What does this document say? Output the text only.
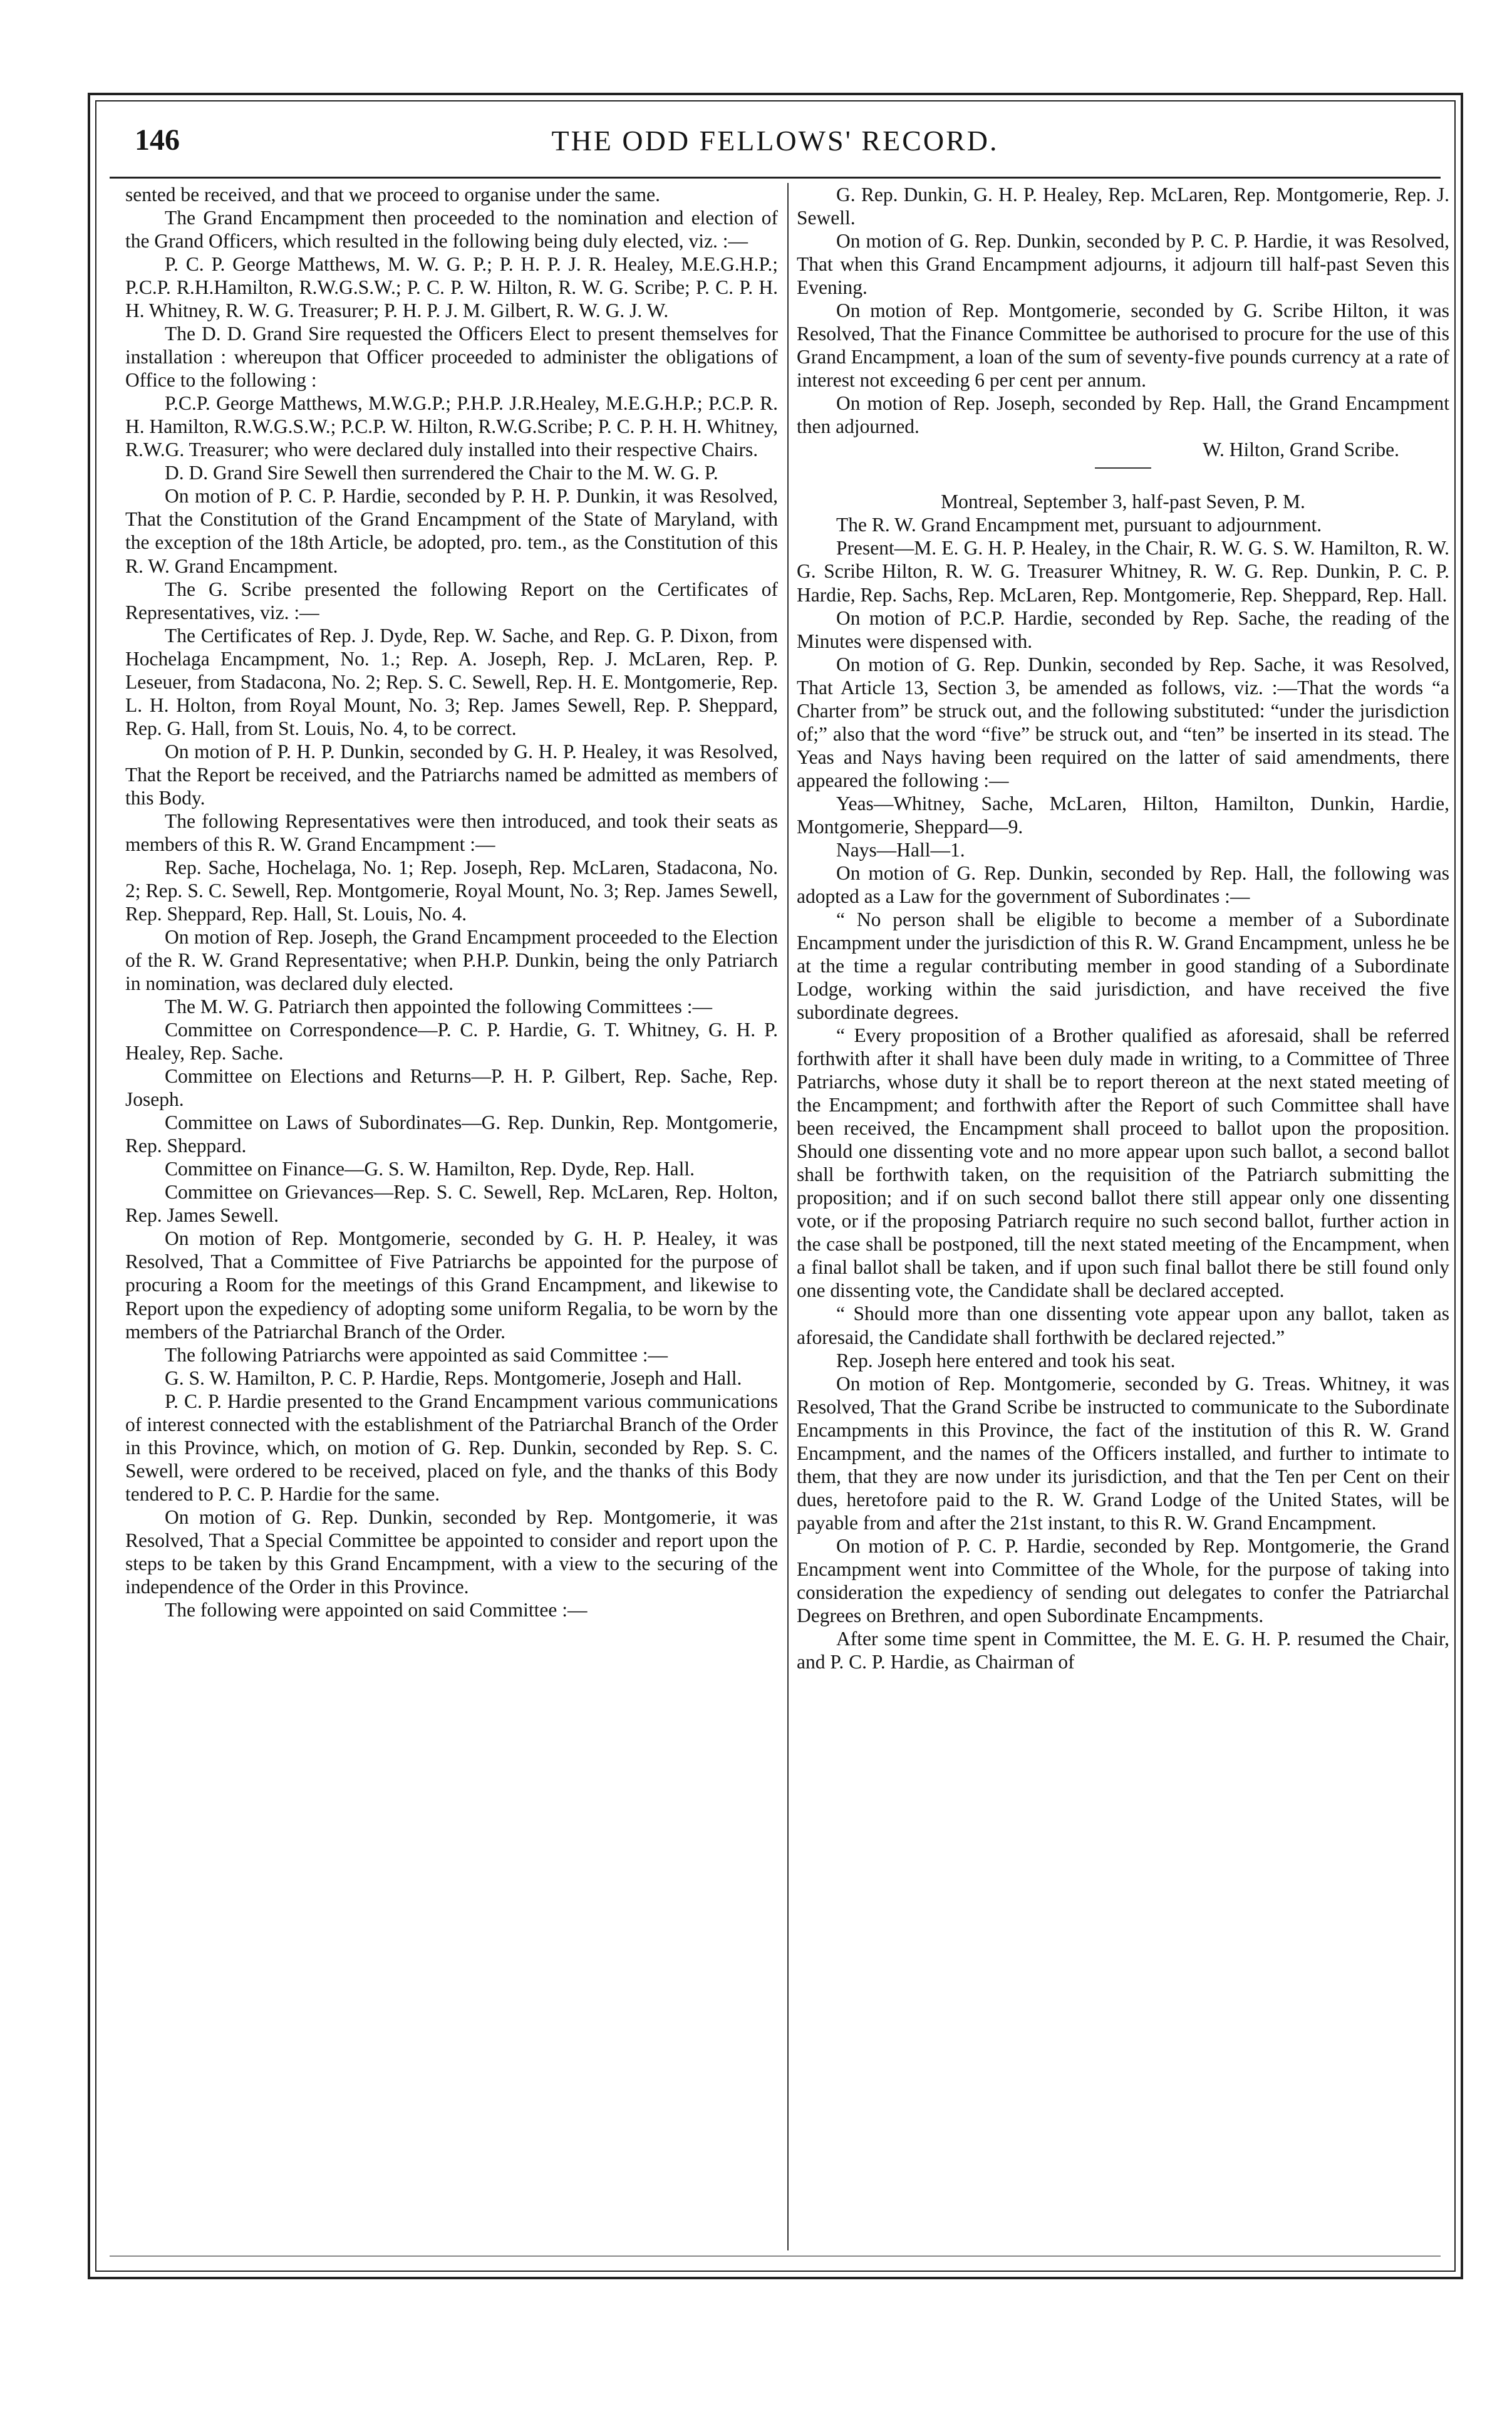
146	THE ODD FELLOWS' RECORD.

sented be received, and that we proceed to organise under the same.

The Grand Encampment then proceeded to the nomination and election of the Grand Officers, which resulted in the following being duly elected, viz. :—

P. C. P. George Matthews, M. W. G. P.; P. H. P. J. R. Healey, M.E.G.H.P.; P.C.P. R.H.Hamilton, R.W.G.S.W.; P. C. P. W. Hilton, R. W. G. Scribe; P. C. P. H. H. Whitney, R. W. G. Treasurer; P. H. P. J. M. Gilbert, R. W. G. J. W.

The D. D. Grand Sire requested the Officers Elect to present themselves for installation : whereupon that Officer proceeded to administer the obligations of Office to the following :

P.C.P. George Matthews, M.W.G.P.; P.H.P. J.R.Healey, M.E.G.H.P.; P.C.P. R. H. Hamilton, R.W.G.S.W.; P.C.P. W. Hilton, R.W.G.Scribe; P. C. P. H. H. Whitney, R.W.G. Treasurer; who were declared duly installed into their respective Chairs.

D. D. Grand Sire Sewell then surrendered the Chair to the M. W. G. P.

On motion of P. C. P. Hardie, seconded by P. H. P. Dunkin, it was Resolved, That the Constitution of the Grand Encampment of the State of Maryland, with the exception of the 18th Article, be adopted, pro. tem., as the Constitution of this R. W. Grand Encampment.

The G. Scribe presented the following Report on the Certificates of Representatives, viz. :—

The Certificates of Rep. J. Dyde, Rep. W. Sache, and Rep. G. P. Dixon, from Hochelaga Encampment, No. 1.; Rep. A. Joseph, Rep. J. McLaren, Rep. P. Leseuer, from Stadacona, No. 2; Rep. S. C. Sewell, Rep. H. E. Montgomerie, Rep. L. H. Holton, from Royal Mount, No. 3; Rep. James Sewell, Rep. P. Sheppard, Rep. G. Hall, from St. Louis, No. 4, to be correct.

On motion of P. H. P. Dunkin, seconded by G. H. P. Healey, it was Resolved, That the Report be received, and the Patriarchs named be admitted as members of this Body.

The following Representatives were then introduced, and took their seats as members of this R. W. Grand Encampment :—

Rep. Sache, Hochelaga, No. 1; Rep. Joseph, Rep. McLaren, Stadacona, No. 2; Rep. S. C. Sewell, Rep. Montgomerie, Royal Mount, No. 3; Rep. James Sewell, Rep. Sheppard, Rep. Hall, St. Louis, No. 4.

On motion of Rep. Joseph, the Grand Encampment proceeded to the Election of the R. W. Grand Representative; when P.H.P. Dunkin, being the only Patriarch in nomination, was declared duly elected.

The M. W. G. Patriarch then appointed the following Committees :—

Committee on Correspondence—P. C. P. Hardie, G. T. Whitney, G. H. P. Healey, Rep. Sache.

Committee on Elections and Returns—P. H. P. Gilbert, Rep. Sache, Rep. Joseph.

Committee on Laws of Subordinates—G. Rep. Dunkin, Rep. Montgomerie, Rep. Sheppard.

Committee on Finance—G. S. W. Hamilton, Rep. Dyde, Rep. Hall.

Committee on Grievances—Rep. S. C. Sewell, Rep. McLaren, Rep. Holton, Rep. James Sewell.

On motion of Rep. Montgomerie, seconded by G. H. P. Healey, it was Resolved, That a Committee of Five Patriarchs be appointed for the purpose of procuring a Room for the meetings of this Grand Encampment, and likewise to Report upon the expediency of adopting some uniform Regalia, to be worn by the members of the Patriarchal Branch of the Order.

The following Patriarchs were appointed as said Committee :—

G. S. W. Hamilton, P. C. P. Hardie, Reps. Montgomerie, Joseph and Hall.

P. C. P. Hardie presented to the Grand Encampment various communications of interest connected with the establishment of the Patriarchal Branch of the Order in this Province, which, on motion of G. Rep. Dunkin, seconded by Rep. S. C. Sewell, were ordered to be received, placed on fyle, and the thanks of this Body tendered to P. C. P. Hardie for the same.

On motion of G. Rep. Dunkin, seconded by Rep. Montgomerie, it was Resolved, That a Special Committee be appointed to consider and report upon the steps to be taken by this Grand Encampment, with a view to the securing of the independence of the Order in this Province.

The following were appointed on said Committee :—

G. Rep. Dunkin, G. H. P. Healey, Rep. McLaren, Rep. Montgomerie, Rep. J. Sewell.

On motion of G. Rep. Dunkin, seconded by P. C. P. Hardie, it was Resolved, That when this Grand Encampment adjourns, it adjourn till half-past Seven this Evening.

On motion of Rep. Montgomerie, seconded by G. Scribe Hilton, it was Resolved, That the Finance Committee be authorised to procure for the use of this Grand Encampment, a loan of the sum of seventy-five pounds currency at a rate of interest not exceeding 6 per cent per annum.

On motion of Rep. Joseph, seconded by Rep. Hall, the Grand Encampment then adjourned.

W. Hilton, Grand Scribe.

Montreal, September 3, half-past Seven, P. M.

The R. W. Grand Encampment met, pursuant to adjournment.

Present—M. E. G. H. P. Healey, in the Chair, R. W. G. S. W. Hamilton, R. W. G. Scribe Hilton, R. W. G. Treasurer Whitney, R. W. G. Rep. Dunkin, P. C. P. Hardie, Rep. Sachs, Rep. McLaren, Rep. Montgomerie, Rep. Sheppard, Rep. Hall.

On motion of P.C.P. Hardie, seconded by Rep. Sache, the reading of the Minutes were dispensed with.

On motion of G. Rep. Dunkin, seconded by Rep. Sache, it was Resolved, That Article 13, Section 3, be amended as follows, viz. :—That the words “a Charter from” be struck out, and the following substituted: “under the jurisdiction of;” also that the word “five” be struck out, and “ten” be inserted in its stead. The Yeas and Nays having been required on the latter of said amendments, there appeared the following :—

Yeas—Whitney, Sache, McLaren, Hilton, Hamilton, Dunkin, Hardie, Montgomerie, Sheppard—9.

Nays—Hall—1.

On motion of G. Rep. Dunkin, seconded by Rep. Hall, the following was adopted as a Law for the government of Subordinates :—

“ No person shall be eligible to become a member of a Subordinate Encampment under the jurisdiction of this R. W. Grand Encampment, unless he be at the time a regular contributing member in good standing of a Subordinate Lodge, working within the said jurisdiction, and have received the five subordinate degrees.

“ Every proposition of a Brother qualified as aforesaid, shall be referred forthwith after it shall have been duly made in writing, to a Committee of Three Patriarchs, whose duty it shall be to report thereon at the next stated meeting of the Encampment; and forthwith after the Report of such Committee shall have been received, the Encampment shall proceed to ballot upon the proposition. Should one dissenting vote and no more appear upon such ballot, a second ballot shall be forthwith taken, on the requisition of the Patriarch submitting the proposition; and if on such second ballot there still appear only one dissenting vote, or if the proposing Patriarch require no such second ballot, further action in the case shall be postponed, till the next stated meeting of the Encampment, when a final ballot shall be taken, and if upon such final ballot there be still found only one dissenting vote, the Candidate shall be declared accepted.

“ Should more than one dissenting vote appear upon any ballot, taken as aforesaid, the Candidate shall forthwith be declared rejected.”

Rep. Joseph here entered and took his seat.

On motion of Rep. Montgomerie, seconded by G. Treas. Whitney, it was Resolved, That the Grand Scribe be instructed to communicate to the Subordinate Encampments in this Province, the fact of the institution of this R. W. Grand Encampment, and the names of the Officers installed, and further to intimate to them, that they are now under its jurisdiction, and that the Ten per Cent on their dues, heretofore paid to the R. W. Grand Lodge of the United States, will be payable from and after the 21st instant, to this R. W. Grand Encampment.

On motion of P. C. P. Hardie, seconded by Rep. Montgomerie, the Grand Encampment went into Committee of the Whole, for the purpose of taking into consideration the expediency of sending out delegates to confer the Patriarchal Degrees on Brethren, and open Subordinate Encampments.

After some time spent in Committee, the M. E. G. H. P. resumed the Chair, and P. C. P. Hardie, as Chairman of
